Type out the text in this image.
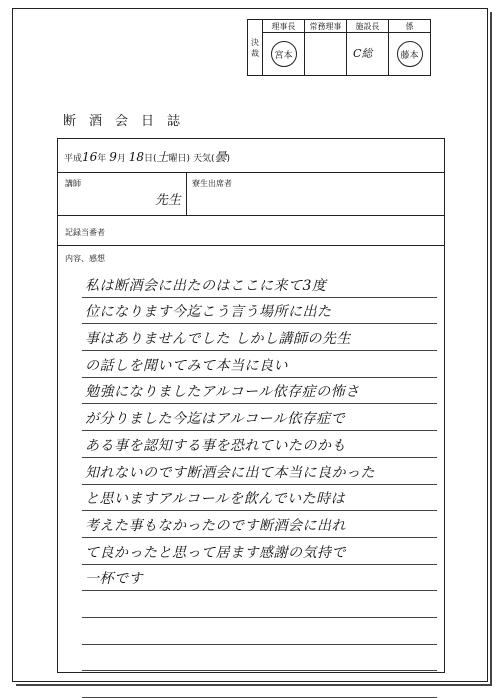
決裁	理事長	常務理事	施設長	係

宮本		C総	藤本
断酒会日誌
平成16年 9月 18日(土曜日) 天気(曇)
講師
先生
寮生出席者
記録当番者
内容、感想
私は断酒会に出たのはここに来て3度
位になります今迄こう言う場所に出た
事はありませんでした しかし講師の先生
の話しを聞いてみて本当に良い
勉強になりましたアルコール依存症の怖さ
が分りました今迄はアルコール依存症で
ある事を認知する事を恐れていたのかも
知れないのです断酒会に出て本当に良かった
と思いますアルコールを飲んでいた時は
考えた事もなかったのです断酒会に出れ
て良かったと思って居ます感謝の気持で
一杯です
